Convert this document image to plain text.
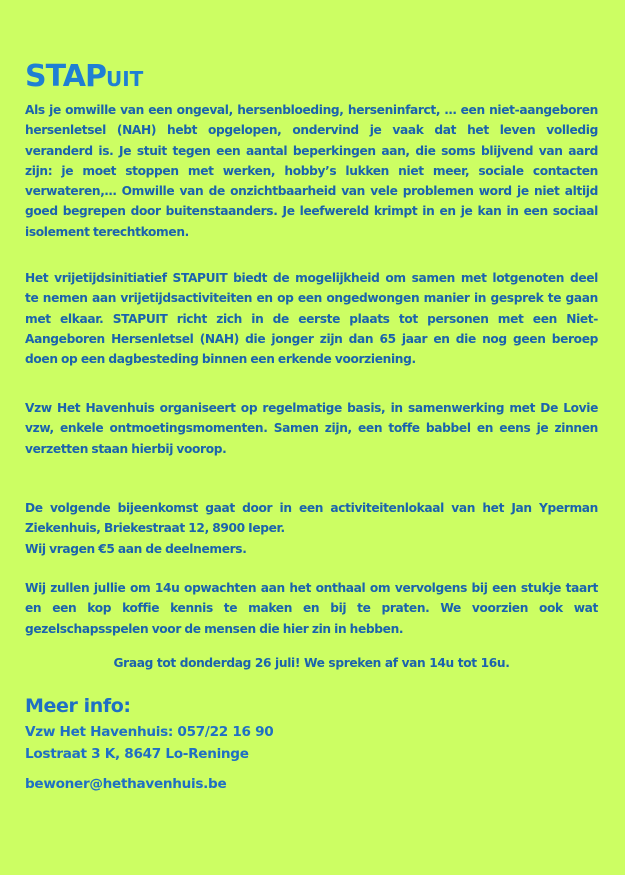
STAPUIT
Als je omwille van een ongeval, hersenbloeding, herseninfarct, … een niet-aangeboren
hersenletsel (NAH) hebt opgelopen, ondervind je vaak dat het leven volledig
veranderd is. Je stuit tegen een aantal beperkingen aan, die soms blijvend van aard
zijn: je moet stoppen met werken, hobby’s lukken niet meer, sociale contacten
verwateren,… Omwille van de onzichtbaarheid van vele problemen word je niet altijd
goed begrepen door buitenstaanders. Je leefwereld krimpt in en je kan in een sociaal
isolement terechtkomen.
Het vrijetijdsinitiatief STAPUIT biedt de mogelijkheid om samen met lotgenoten deel
te nemen aan vrijetijdsactiviteiten en op een ongedwongen manier in gesprek te gaan
met elkaar. STAPUIT richt zich in de eerste plaats tot personen met een Niet-
Aangeboren Hersenletsel (NAH) die jonger zijn dan 65 jaar en die nog geen beroep
doen op een dagbesteding binnen een erkende voorziening.
Vzw Het Havenhuis organiseert op regelmatige basis, in samenwerking met De Lovie
vzw, enkele ontmoetingsmomenten. Samen zijn, een toffe babbel en eens je zinnen
verzetten staan hierbij voorop.
De volgende bijeenkomst gaat door in een activiteitenlokaal van het Jan Yperman
Ziekenhuis, Briekestraat 12, 8900 Ieper.
Wij vragen €5 aan de deelnemers.
Wij zullen jullie om 14u opwachten aan het onthaal om vervolgens bij een stukje taart
en een kop koffie kennis te maken en bij te praten. We voorzien ook wat
gezelschapsspelen voor de mensen die hier zin in hebben.
Graag tot donderdag 26 juli! We spreken af van 14u tot 16u.
Meer info:
Vzw Het Havenhuis: 057/22 16 90
Lostraat 3 K, 8647 Lo-Reninge
bewoner@hethavenhuis.be
